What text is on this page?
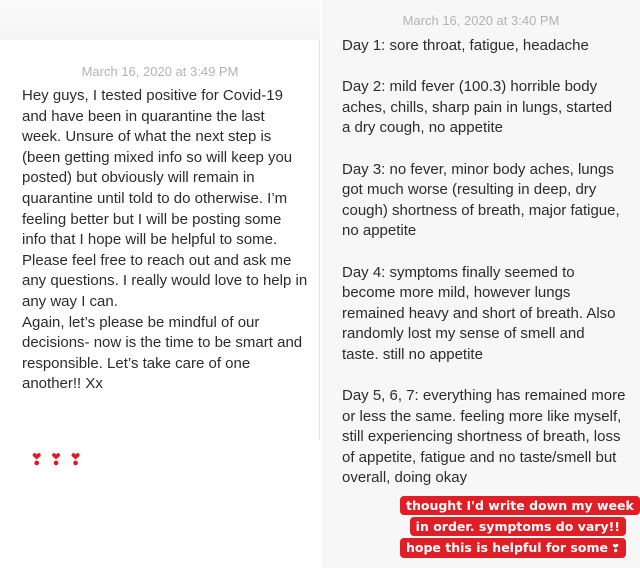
March 16, 2020 at 3:49 PM

Hey guys, I tested positive for Covid-19
and have been in quarantine the last
week. Unsure of what the next step is
(been getting mixed info so will keep you
posted) but obviously will remain in
quarantine until told to do otherwise. I’m
feeling better but I will be posting some
info that I hope will be helpful to some.
Please feel free to reach out and ask me
any questions. I really would love to help in
any way I can.
Again, let’s please be mindful of our
decisions- now is the time to be smart and
responsible. Let’s take care of one
another!! Xx

❣❣❣
March 16, 2020 at 3:40 PM

Day 1: sore throat, fatigue, headache

Day 2: mild fever (100.3) horrible body
aches, chills, sharp pain in lungs, started
a dry cough, no appetite

Day 3: no fever, minor body aches, lungs
got much worse (resulting in deep, dry
cough) shortness of breath, major fatigue,
no appetite

Day 4: symptoms finally seemed to
become more mild, however lungs
remained heavy and short of breath. Also
randomly lost my sense of smell and
taste. still no appetite

Day 5, 6, 7: everything has remained more
or less the same. feeling more like myself,
still experiencing shortness of breath, loss
of appetite, fatigue and no taste/smell but
overall, doing okay

thought I'd write down my week
in order. symptoms do vary!!
hope this is helpful for some ❣
